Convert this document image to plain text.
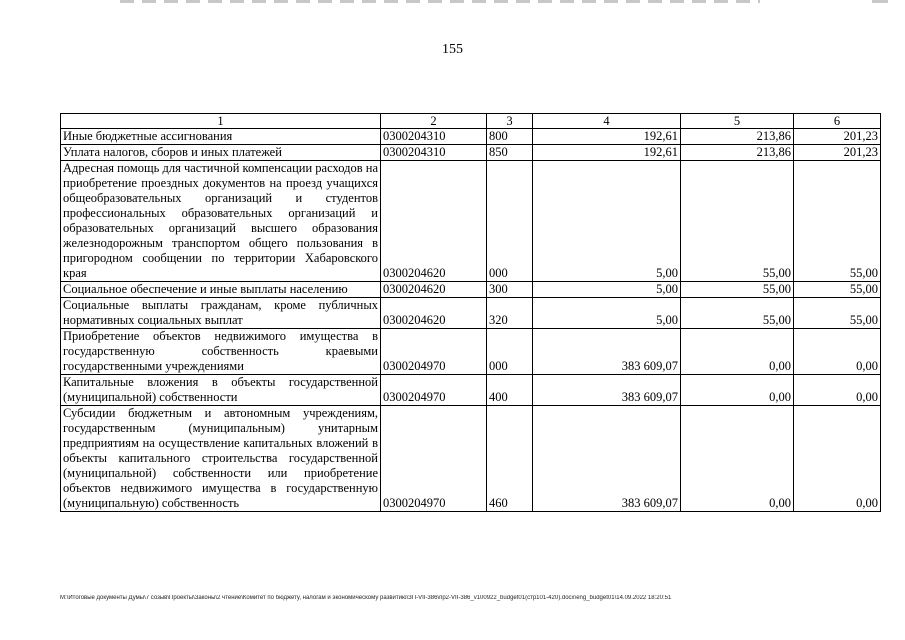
155
1	2	3	4	5	6
Иные бюджетные ассигнования	0300204310	800	192,61	213,86	201,23
Уплата налогов, сборов и иных платежей	0300204310	850	192,61	213,86	201,23
Адресная помощь для частичной компенсации расходов на приобретение проездных документов на проезд учащихся общеобразовательных организаций и студентов профессиональных образовательных организаций и образовательных организаций высшего образования железнодорожным транспортом общего пользования в пригородном сообщении по территории Хабаровского края	0300204620	000	5,00	55,00	55,00
Социальное обеспечение и иные выплаты населению	0300204620	300	5,00	55,00	55,00
Социальные выплаты гражданам, кроме публичных нормативных социальных выплат	0300204620	320	5,00	55,00	55,00
Приобретение объектов недвижимого имущества в государственную собственность краевыми государственными учреждениями	0300204970	000	383 609,07	0,00	0,00
Капитальные вложения в объекты государственной (муниципальной) собственности	0300204970	400	383 609,07	0,00	0,00
Субсидии бюджетным и автономным учреждениям, государственным (муниципальным) унитарным предприятиям на осуществление капитальных вложений в объекты капитального строительства государственной (муниципальной) собственности или приобретение объектов недвижимого имущества в государственную (муниципальную) собственность	0300204970	460	383 609,07	0,00	0,00
M:\Итоговые документы Думы\7 созыв\Проекты\Законы\2 чтение\Комитет по бюджету, налогам и экономическому развитию\ЗП-VII-386\пр2-VII-386_v100922_budget01(стр101-420).docx\eng_budget01\14.09.2022 18:20:51
